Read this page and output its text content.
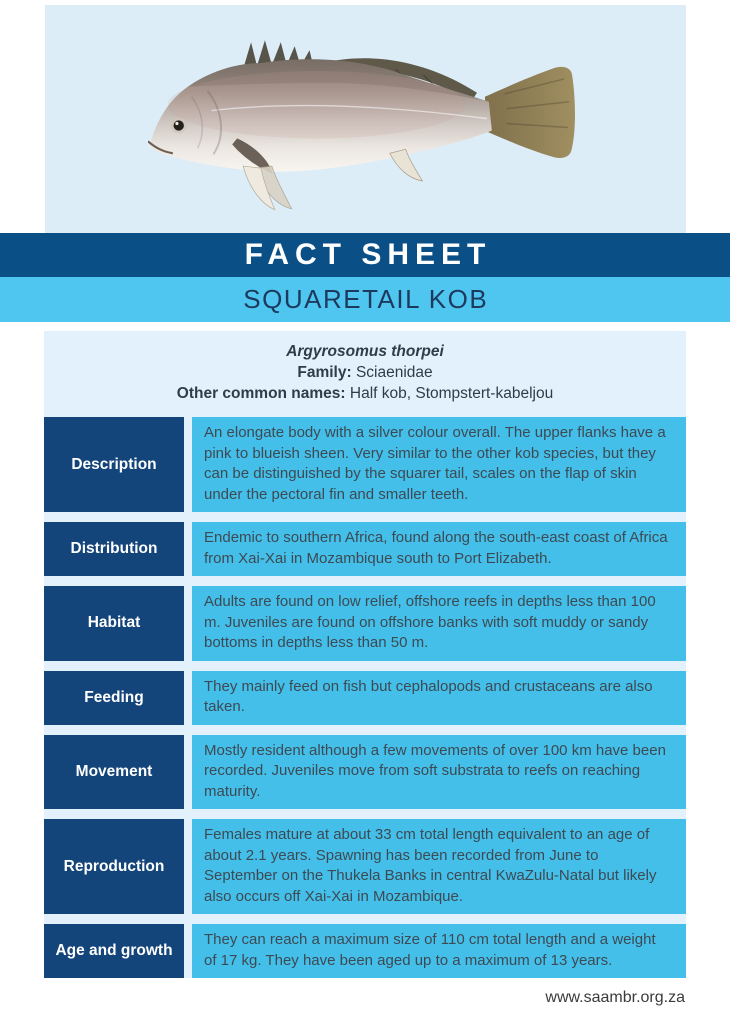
FACT SHEET
SQUARETAIL KOB
Argyrosomus thorpei
Family: Sciaenidae
Other common names: Half kob, Stompstert-kabeljou
Description
An elongate body with a silver colour overall. The upper flanks have a pink to blueish sheen. Very similar to the other kob species, but they can be distinguished by the squarer tail, scales on the flap of skin under the pectoral fin and smaller teeth.
Distribution
Endemic to southern Africa, found along the south-east coast of Africa from Xai-Xai in Mozambique south to Port Elizabeth.
Habitat
Adults are found on low relief, offshore reefs in depths less than 100 m. Juveniles are found on offshore banks with soft muddy or sandy bottoms in depths less than 50 m.
Feeding
They mainly feed on fish but cephalopods and crustaceans are also taken.
Movement
Mostly resident although a few movements of over 100 km have been recorded. Juveniles move from soft substrata to reefs on reaching maturity.
Reproduction
Females mature at about 33 cm total length equivalent to an age of about 2.1 years. Spawning has been recorded from June to September on the Thukela Banks in central KwaZulu-Natal but likely also occurs off Xai-Xai in Mozambique.
Age and growth
They can reach a maximum size of 110 cm total length and a weight of 17 kg. They have been aged up to a maximum of 13 years.
www.saambr.org.za
